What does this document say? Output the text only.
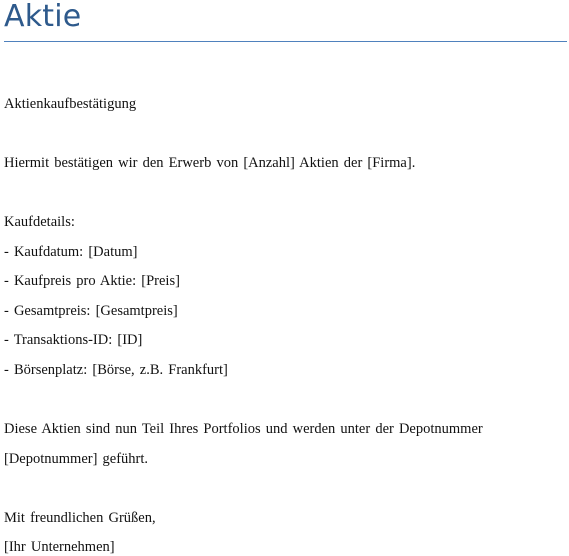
Aktie

Aktienkaufbestätigung

Hiermit bestätigen wir den Erwerb von [Anzahl] Aktien der [Firma].

Kaufdetails:

- Kaufdatum: [Datum]

- Kaufpreis pro Aktie: [Preis]

- Gesamtpreis: [Gesamtpreis]

- Transaktions-ID: [ID]

- Börsenplatz: [Börse, z.B. Frankfurt]

Diese Aktien sind nun Teil Ihres Portfolios und werden unter der Depotnummer

[Depotnummer] geführt.

Mit freundlichen Grüßen,

[Ihr Unternehmen]
